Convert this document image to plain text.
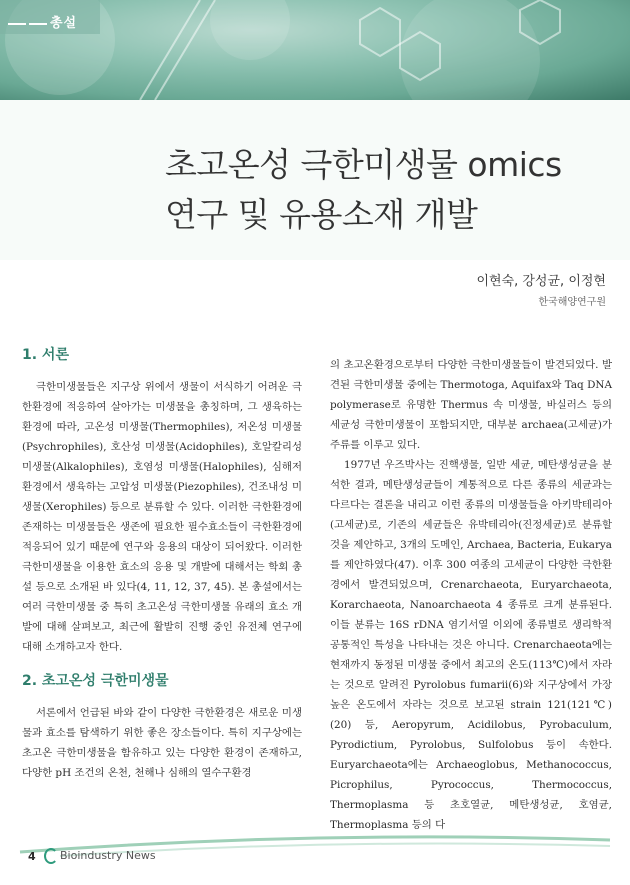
총설
초고온성 극한미생물 omics
연구 및 유용소재 개발
이현숙, 강성균, 이정현
한국해양연구원
1. 서론

극한미생물들은 지구상 위에서 생물이 서식하기 어려운 극한환경에 적응하여 살아가는 미생물을 총칭하며, 그 생육하는 환경에 따라, 고온성 미생물(Thermophiles), 저온성 미생물(Psychrophiles), 호산성 미생물(Acidophiles), 호알칼리성 미생물(Alkalophiles), 호염성 미생물(Halophiles), 심해저 환경에서 생육하는 고압성 미생물(Piezophiles), 건조내성 미생물(Xerophiles) 등으로 분류할 수 있다. 이러한 극한환경에 존재하는 미생물들은 생존에 필요한 필수효소들이 극한환경에 적응되어 있기 때문에 연구와 응용의 대상이 되어왔다. 이러한 극한미생물을 이용한 효소의 응용 및 개발에 대해서는 학회 총설 등으로 소개된 바 있다(4, 11, 12, 37, 45). 본 총설에서는 여러 극한미생물 중 특히 초고온성 극한미생물 유래의 효소 개발에 대해 살펴보고, 최근에 활발히 진행 중인 유전체 연구에 대해 소개하고자 한다.

2. 초고온성 극한미생물

서론에서 언급된 바와 같이 다양한 극한환경은 새로운 미생물과 효소를 탐색하기 위한 좋은 장소들이다. 특히 지구상에는 초고온 극한미생물을 함유하고 있는 다양한 환경이 존재하고, 다양한 pH 조건의 온천, 천해나 심해의 열수구환경

의 초고온환경으로부터 다양한 극한미생물들이 발견되었다. 발견된 극한미생물 중에는 Thermotoga, Aquifax와 Taq DNA polymerase로 유명한 Thermus 속 미생물, 바실러스 등의 세균성 극한미생물이 포함되지만, 대부분 archaea(고세균)가 주류를 이루고 있다.

1977년 우즈박사는 진핵생물, 일반 세균, 메탄생성균을 분석한 결과, 메탄생성균들이 계통적으로 다른 종류의 세균과는 다르다는 결론을 내리고 이런 종류의 미생물들을 아키박테리아(고세균)로, 기존의 세균들은 유박테리아(진정세균)로 분류할 것을 제안하고, 3개의 도메인, Archaea, Bacteria, Eukarya를 제안하였다(47). 이후 300 여종의 고세균이 다양한 극한환경에서 발견되었으며, Crenarchaeota, Euryarchaeota, Korarchaeota, Nanoarchaeota 4 종류로 크게 분류된다. 이들 분류는 16S rDNA 염기서열 이외에 종류별로 생리학적 공통적인 특성을 나타내는 것은 아니다. Crenarchaeota에는 현재까지 동정된 미생물 중에서 최고의 온도(113℃)에서 자라는 것으로 알려진 Pyrolobus fumarii(6)와 지구상에서 가장 높은 온도에서 자라는 것으로 보고된 strain 121(121℃) (20) 등, Aeropyrum, Acidilobus, Pyrobaculum, Pyrodictium, Pyrolobus, Sulfolobus 등이 속한다. Euryarchaeota에는 Archaeoglobus, Methanococcus, Picrophilus, Pyrococcus, Thermococcus, Thermoplasma 등 초호열균, 메탄생성균, 호염균, Thermoplasma 등의 다

4	Bioindustry News
